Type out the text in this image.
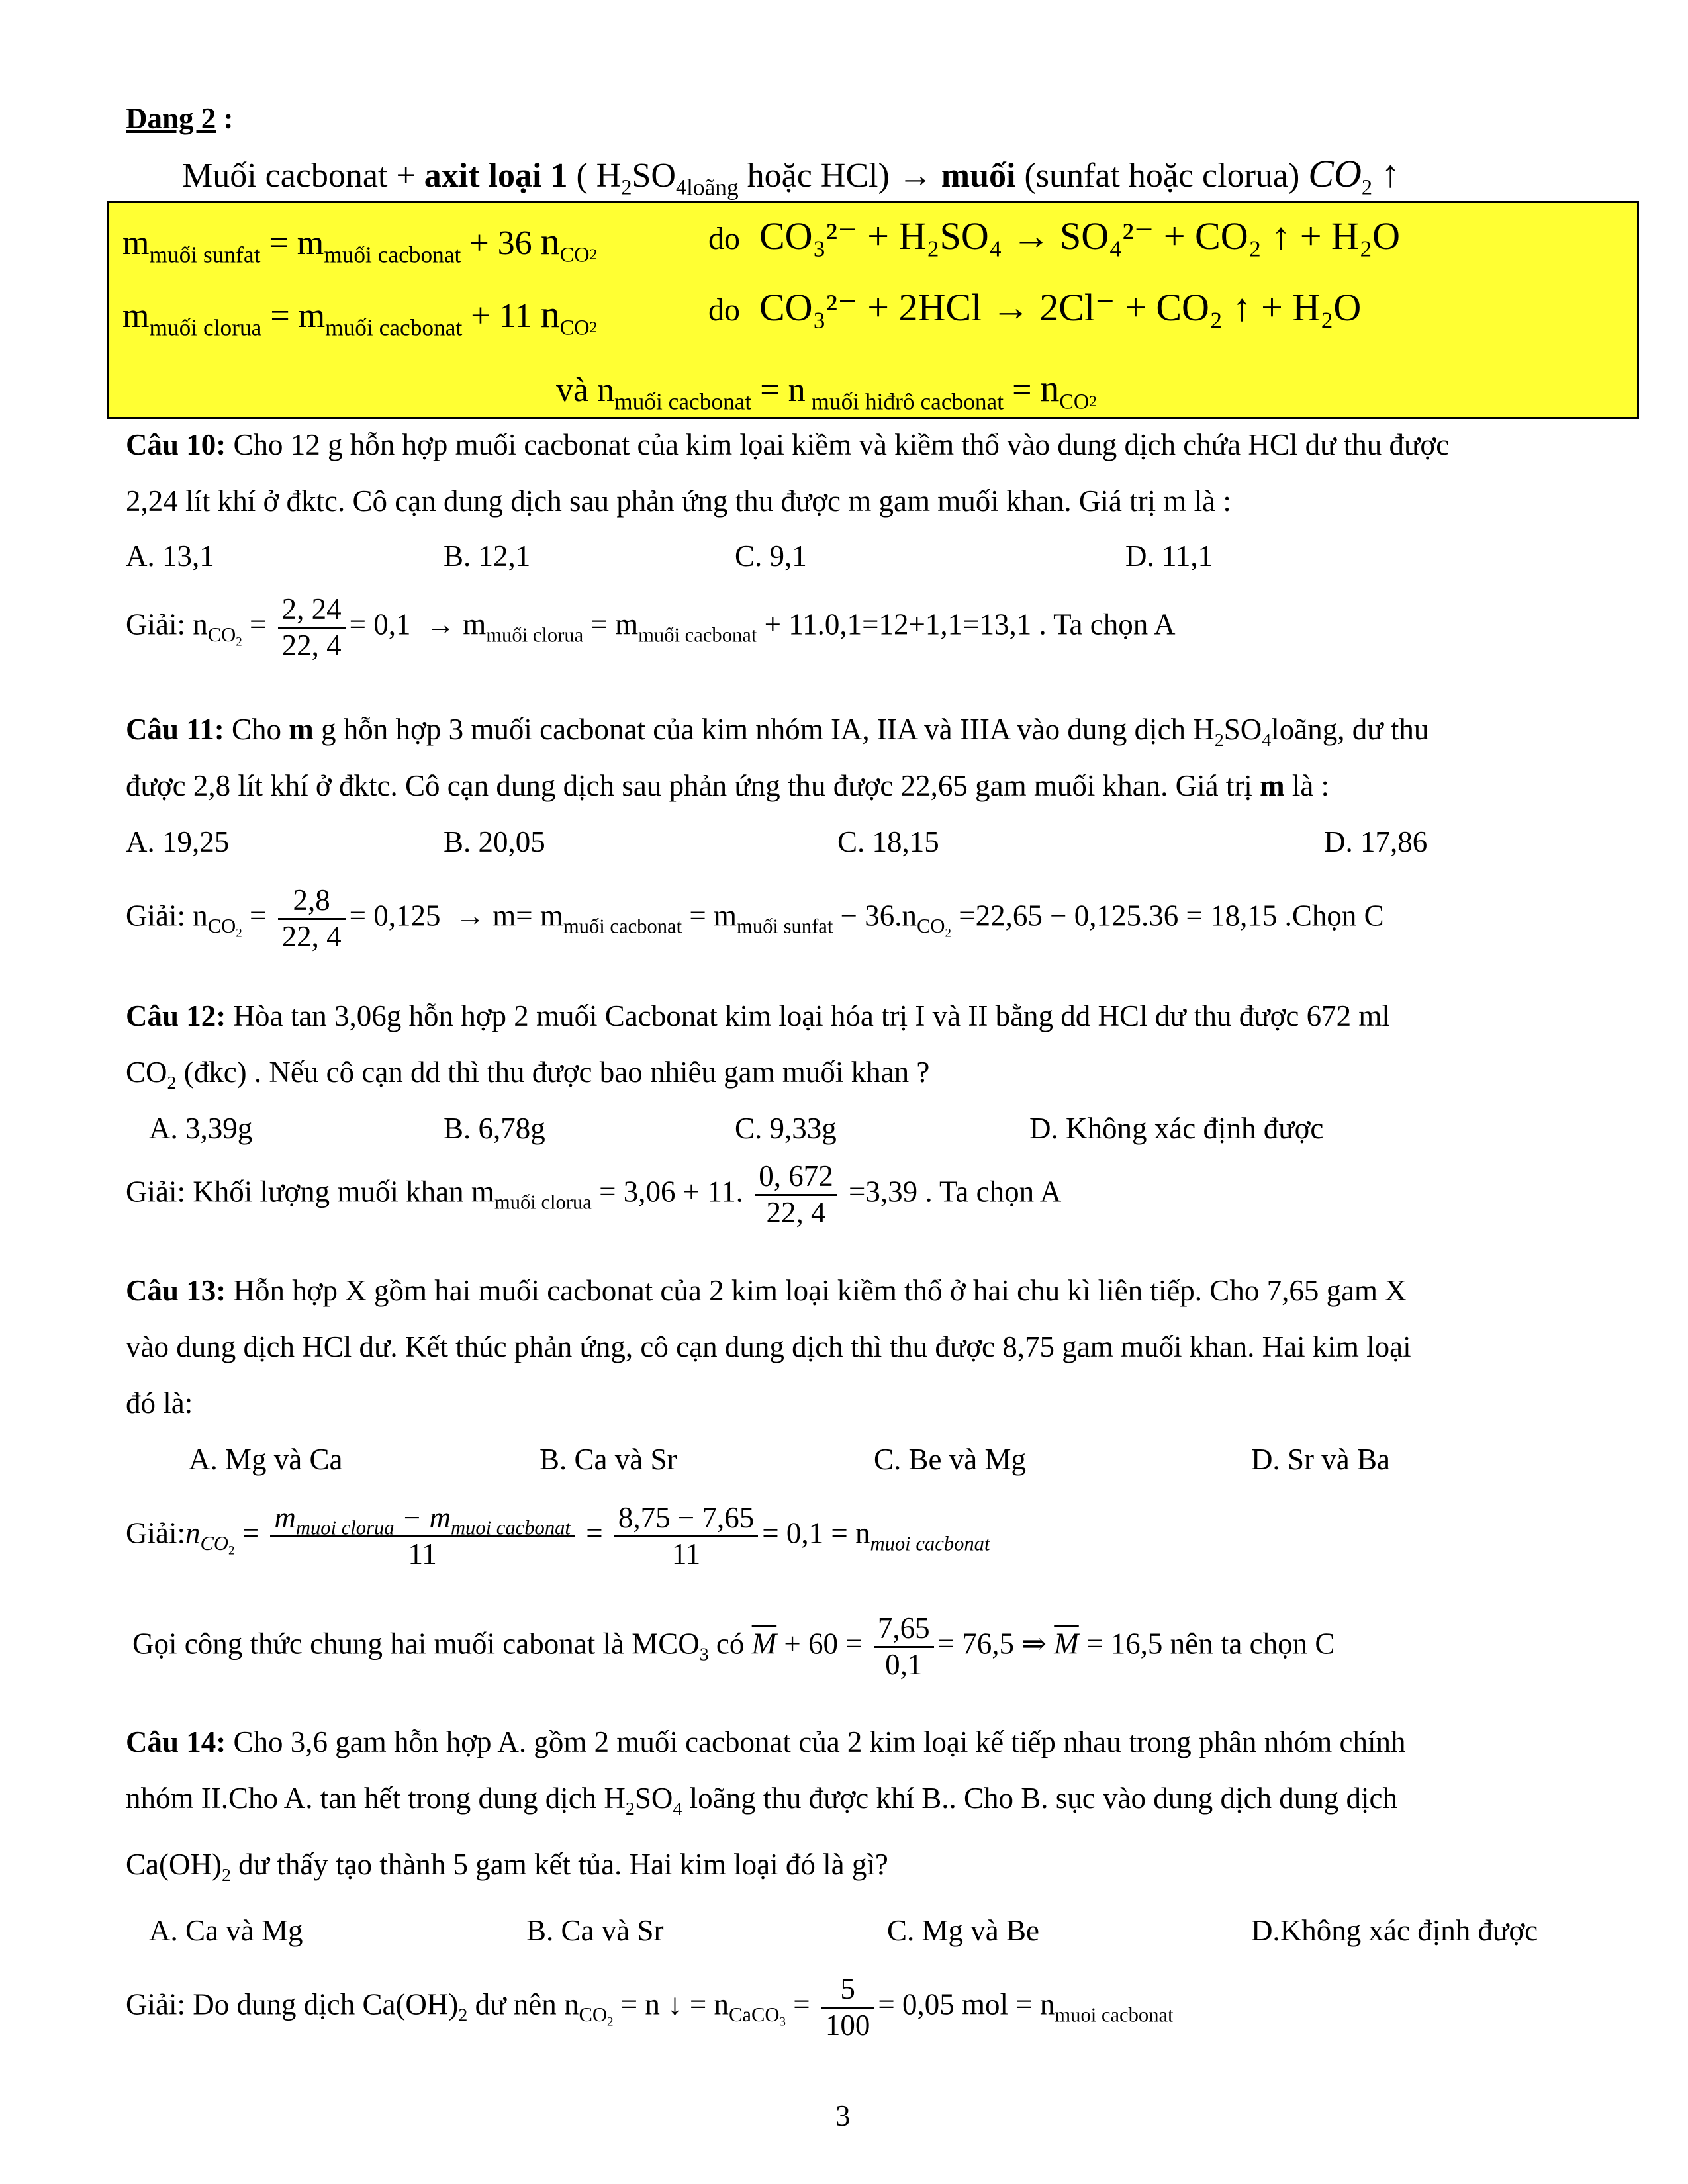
Dang 2 :
Muối cacbonat + axit loại 1 ( $H_2SO_{4loãng}$ hoặc HCl) → muối (sunfat hoặc clorua) $CO_2$ ↑
$m_{muối sunfat} = m_{muối cacbonat} + 36$ $n_{CO2}$	do CO₃²⁻ + H₂SO₄ → SO₄²⁻ + CO₂ ↑ + H₂O
$m_{muối clorua} = m_{muối cacbonat} + 11$ $n_{CO2}$
do CO₃²⁻ + 2HCl → 2Cl⁻ + CO₂ ↑ + H₂O
và $n_{muối cacbonat} = n$ $_{muối hiđrô cacbonat} = n_{CO2}$
Câu 10: Cho 12 g hỗn hợp muối cacbonat của kim lọai kiềm và kiềm thổ vào dung dịch chứa HCl dư thu được
2,24 lít khí ở đktc. Cô cạn dung dịch sau phản ứng thu được m gam muối khan. Giá trị m là :
A. 13,1	B. 12,1	C. 9,1	D. 11,1
Giải: $n_{CO_2} = \frac{2, 24}{22, 4} = 0,1 \to m_{muối clorua} = m_{muối cacbonat} + 11.0,1=12+1,1=13,1$ . Ta chọn A
Câu 11: Cho m g hỗn hợp 3 muối cacbonat của kim nhóm IA, IIA và IIIA vào dung dịch $H_2SO_4loãng$, dư thu
được 2,8 lít khí ở đktc. Cô cạn dung dịch sau phản ứng thu được 22,65 gam muối khan. Giá trị m là :
A. 19,25	B. 20,05	C. 18,15	D. 17,86
Giải: $n_{CO_2} = \frac{2,8}{22, 4} = 0,125 \to m= m_{muối cacbonat} = m_{muối sunfat} - 36.n_{CO_2} =22,65 - 0,125.36 = 18,15$ .Chọn C
Câu 12: Hòa tan 3,06g hỗn hợp 2 muối Cacbonat kim loại hóa trị I và II bằng dd HCl dư thu được 672 ml
$CO_2$ (đkc) . Nếu cô cạn dd thì thu được bao nhiêu gam muối khan ?
A. 3,39g	B. 6,78g	C. 9,33g	D. Không xác định được
Giải: Khối lượng muối khan $m_{muối clorua} = 3,06 + 11$. $\frac{0, 672}{22, 4} =3,39$ . Ta chọn A
Câu 13: Hỗn hợp X gồm hai muối cacbonat của 2 kim loại kiềm thổ ở hai chu kì liên tiếp. Cho 7,65 gam X
vào dung dịch HCl dư. Kết thúc phản ứng, cô cạn dung dịch thì thu được 8,75 gam muối khan. Hai kim loại
đó là:
A. Mg và Ca	B. Ca và Sr	C. Be và Mg	D. Sr và Ba
$Giải:n_{CO_2} = \frac{m_{muoi clorua} - m_{muoi cacbonat}}{11} = \frac{8,75 - 7,65}{11} = 0,1 = n_{muoi cacbonat}$
Gọi công thức chung hai muối cabonat là $MCO_3$ có $\overline{M} + 60 = \frac{7,65}{0,1} = 76,5$ ⇒ $\overline{M} = 16,5$ nên ta chọn C
Câu 14: Cho 3,6 gam hỗn hợp A. gồm 2 muối cacbonat của 2 kim loại kế tiếp nhau trong phân nhóm chính
nhóm II.Cho A. tan hết trong dung dịch $H_2SO_4$ loãng thu được khí B.. Cho B. sục vào dung dịch dung dịch
$Ca(OH)_2$ dư thấy tạo thành 5 gam kết tủa. Hai kim loại đó là gì?
A. Ca và Mg	B. Ca và Sr	C. Mg và Be	D.Không xác định được
Giải: Do dung dịch $Ca(OH)_2$ dư nên $n_{CO_2} = n$ ↓ = $n_{CaCO_3} = \frac{5}{100} = 0,05$ mol = $n_{muoi cacbonat}$
3
